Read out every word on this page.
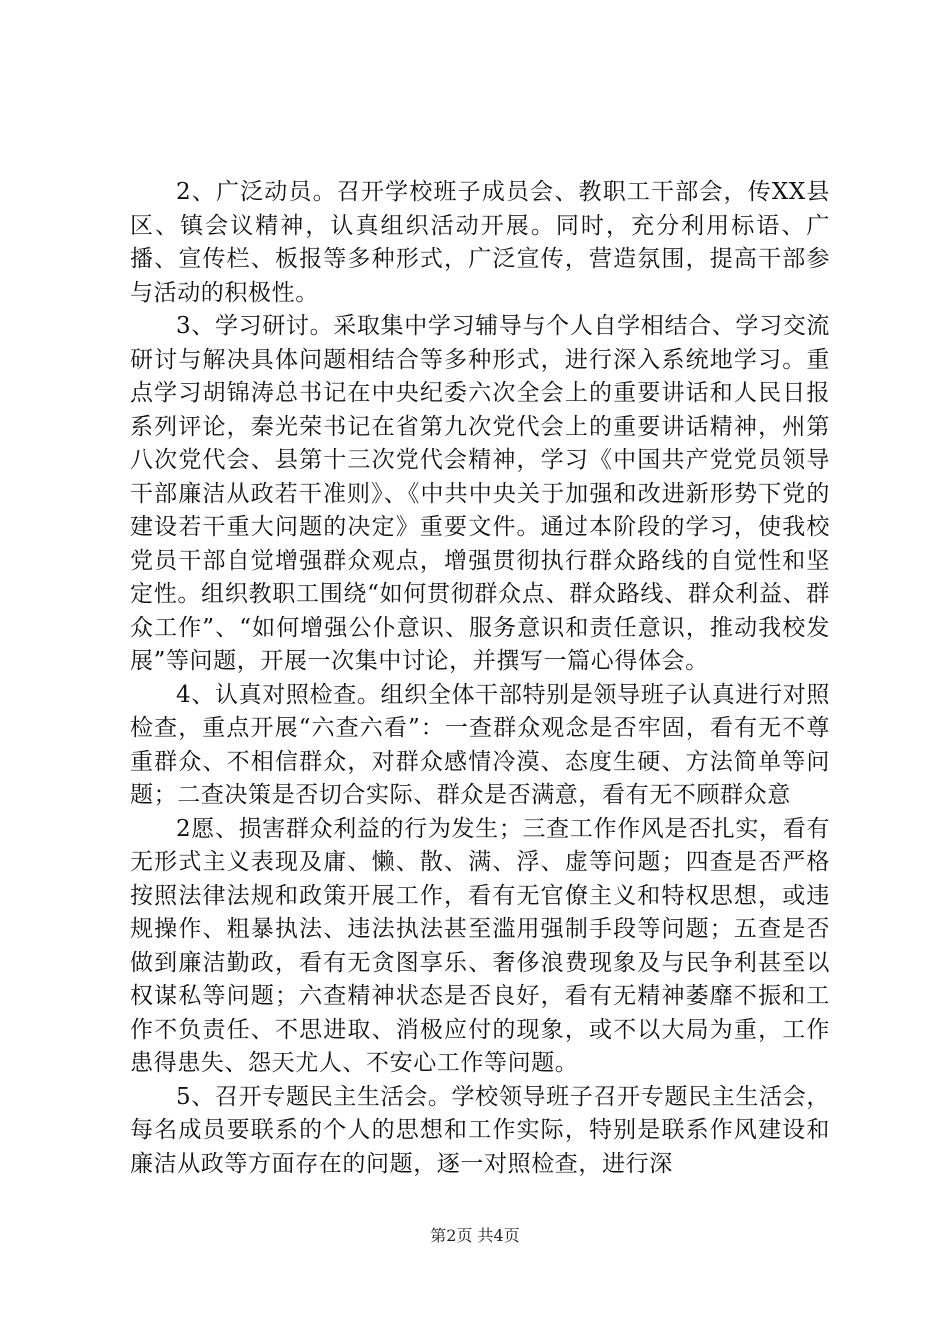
2、广泛动员。召开学校班子成员会、教职工干部会，传XX县区、镇会议精神，认真组织活动开展。同时，充分利用标语、广播、宣传栏、板报等多种形式，广泛宣传，营造氛围，提高干部参与活动的积极性。

3、学习研讨。采取集中学习辅导与个人自学相结合、学习交流研讨与解决具体问题相结合等多种形式，进行深入系统地学习。重点学习胡锦涛总书记在中央纪委六次全会上的重要讲话和人民日报系列评论，秦光荣书记在省第九次党代会上的重要讲话精神，州第八次党代会、县第十三次党代会精神，学习《中国共产党党员领导干部廉洁从政若干准则》、《中共中央关于加强和改进新形势下党的建设若干重大问题的决定》重要文件。通过本阶段的学习，使我校党员干部自觉增强群众观点，增强贯彻执行群众路线的自觉性和坚定性。组织教职工围绕“如何贯彻群众点、群众路线、群众利益、群众工作”、“如何增强公仆意识、服务意识和责任意识，推动我校发展”等问题，开展一次集中讨论，并撰写一篇心得体会。

4、认真对照检查。组织全体干部特别是领导班子认真进行对照检查，重点开展“六查六看”：一查群众观念是否牢固，看有无不尊重群众、不相信群众，对群众感情冷漠、态度生硬、方法简单等问题；二查决策是否切合实际、群众是否满意，看有无不顾群众意

2愿、损害群众利益的行为发生；三查工作作风是否扎实，看有无形式主义表现及庸、懒、散、满、浮、虚等问题；四查是否严格按照法律法规和政策开展工作，看有无官僚主义和特权思想，或违规操作、粗暴执法、违法执法甚至滥用强制手段等问题；五查是否做到廉洁勤政，看有无贪图享乐、奢侈浪费现象及与民争利甚至以权谋私等问题；六查精神状态是否良好，看有无精神萎靡不振和工作不负责任、不思进取、消极应付的现象，或不以大局为重，工作患得患失、怨天尤人、不安心工作等问题。

5、召开专题民主生活会。学校领导班子召开专题民主生活会，每名成员要联系的个人的思想和工作实际，特别是联系作风建设和廉洁从政等方面存在的问题，逐一对照检查，进行深

第2页 共4页
